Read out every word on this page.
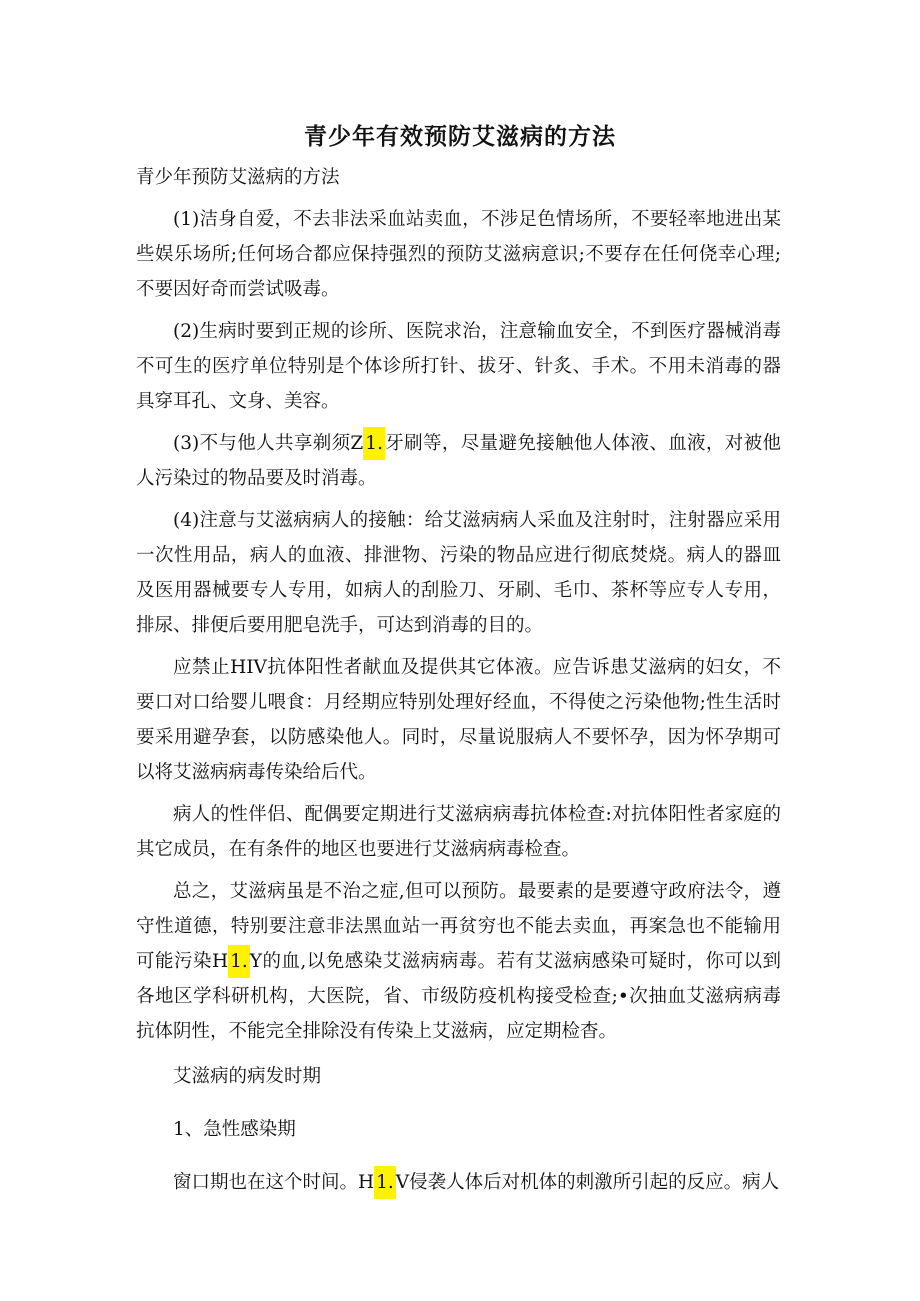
青少年有效预防艾滋病的方法

青少年预防艾滋病的方法

(1)洁身自爱，不去非法采血站卖血，不涉足色情场所，不要轻率地进出某些娱乐场所;任何场合都应保持强烈的预防艾滋病意识;不要存在任何侥幸心理;不要因好奇而尝试吸毒。

(2)生病时要到正规的诊所、医院求治，注意输血安全，不到医疗器械消毒不可生的医疗单位特别是个体诊所打针、拔牙、针炙、手术。不用未消毒的器具穿耳孔、文身、美容。

(3)不与他人共享剃须Z 1. 牙刷等，尽量避免接触他人体液、血液，对被他人污染过的物品要及时消毒。

(4)注意与艾滋病病人的接触：给艾滋病病人采血及注射时，注射器应采用一次性用品，病人的血液、排泄物、污染的物品应进行彻底焚烧。病人的器皿及医用器械要专人专用，如病人的刮脸刀、牙刷、毛巾、茶杯等应专人专用，排尿、排便后要用肥皂洗手，可达到消毒的目的。

应禁止HIV抗体阳性者献血及提供其它体液。应告诉患艾滋病的妇女，不要口对口给婴儿喂食：月经期应特别处理好经血，不得使之污染他物;性生活时要采用避孕套，以防感染他人。同时，尽量说服病人不要怀孕，因为怀孕期可以将艾滋病病毒传染给后代。

病人的性伴侣、配偶要定期进行艾滋病病毒抗体检查:对抗体阳性者家庭的其它成员，在有条件的地区也要进行艾滋病病毒检查。

总之，艾滋病虽是不治之症,但可以预防。最要素的是要遵守政府法令，遵守性道德，特别要注意非法黑血站一再贫穷也不能去卖血，再案急也不能输用可能污染H 1. Y的血,以免感染艾滋病病毒。若有艾滋病感染可疑时，你可以到各地区学科研机构，大医院，省、市级防疫机构接受检查;•次抽血艾滋病病毒抗体阴性，不能完全排除没有传染上艾滋病，应定期检杳。

艾滋病的病发时期

1、急性感染期

窗口期也在这个时间。H 1. V侵袭人体后对机体的刺激所引起的反应。病人
